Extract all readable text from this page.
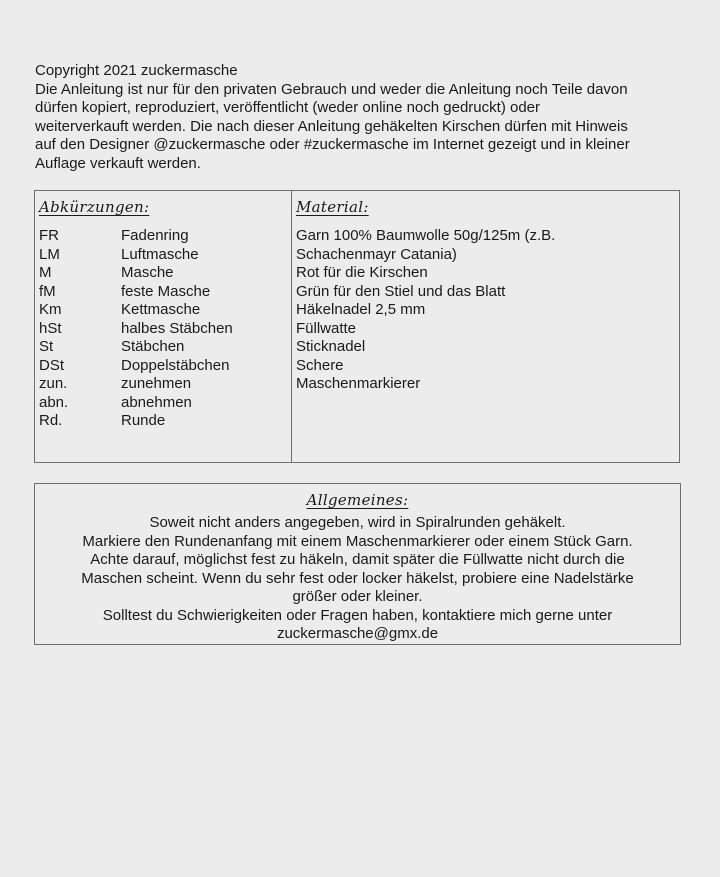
Copyright 2021 zuckermasche
Die Anleitung ist nur für den privaten Gebrauch und weder die Anleitung noch Teile davon
dürfen kopiert, reproduziert, veröffentlicht (weder online noch gedruckt) oder
weiterverkauft werden. Die nach dieser Anleitung gehäkelten Kirschen dürfen mit Hinweis
auf den Designer @zuckermasche oder #zuckermasche im Internet gezeigt und in kleiner
Auflage verkauft werden.
Abkürzungen:
FR	Fadenring
LM	Luftmasche
M	Masche
fM	feste Masche
Km	Kettmasche
hSt	halbes Stäbchen
St	Stäbchen
DSt	Doppelstäbchen
zun.	zunehmen
abn.	abnehmen
Rd.	Runde
Material:
Garn 100% Baumwolle 50g/125m (z.B.
Schachenmayr Catania)
Rot für die Kirschen
Grün für den Stiel und das Blatt
Häkelnadel 2,5 mm
Füllwatte
Sticknadel
Schere
Maschenmarkierer
Allgemeines:
Soweit nicht anders angegeben, wird in Spiralrunden gehäkelt.
Markiere den Rundenanfang mit einem Maschenmarkierer oder einem Stück Garn.
Achte darauf, möglichst fest zu häkeln, damit später die Füllwatte nicht durch die
Maschen scheint. Wenn du sehr fest oder locker häkelst, probiere eine Nadelstärke
größer oder kleiner.
Solltest du Schwierigkeiten oder Fragen haben, kontaktiere mich gerne unter
zuckermasche@gmx.de
